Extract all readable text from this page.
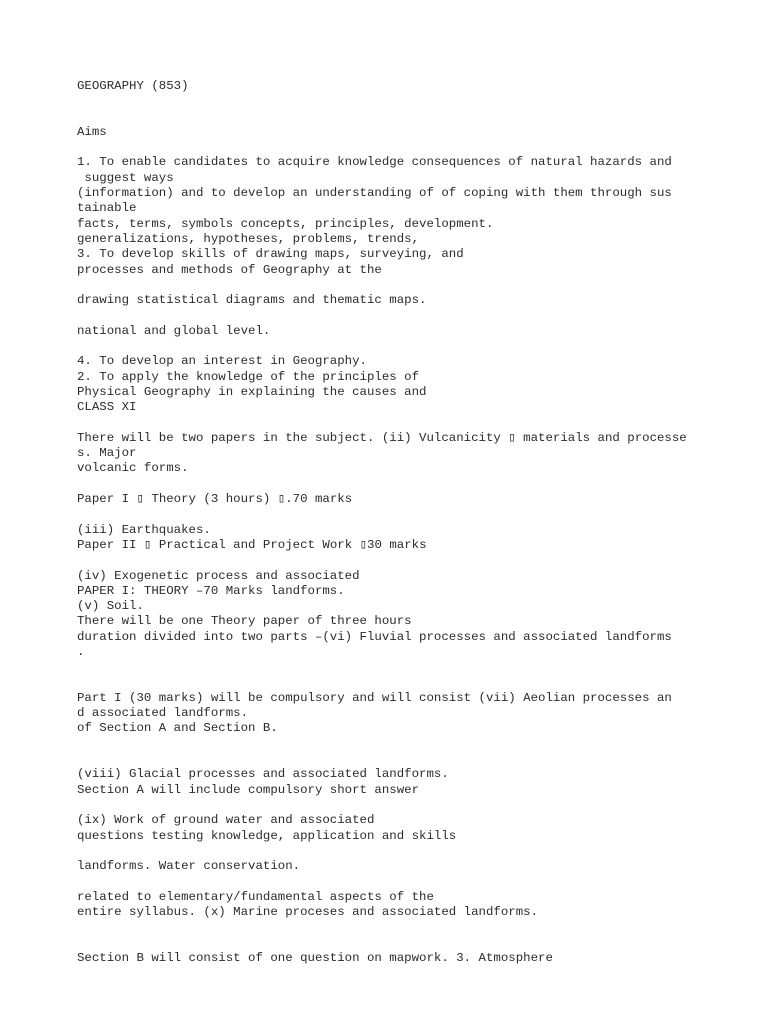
GEOGRAPHY (853)
Aims
1. To enable candidates to acquire knowledge consequences of natural hazards and
suggest ways
(information) and to develop an understanding of of coping with them through sus
tainable
facts, terms, symbols concepts, principles, development.
generalizations, hypotheses, problems, trends,
3. To develop skills of drawing maps, surveying, and
processes and methods of Geography at the
drawing statistical diagrams and thematic maps.
national and global level.
4. To develop an interest in Geography.
2. To apply the knowledge of the principles of
Physical Geography in explaining the causes and
CLASS XI
There will be two papers in the subject. (ii) Vulcanicity ▯ materials and processe
s. Major
volcanic forms.
Paper I ▯ Theory (3 hours) ▯.70 marks
(iii) Earthquakes.
Paper II ▯ Practical and Project Work ▯30 marks
(iv) Exogenetic process and associated
PAPER I: THEORY –70 Marks landforms.
(v) Soil.
There will be one Theory paper of three hours
duration divided into two parts –(vi) Fluvial processes and associated landforms
.
Part I (30 marks) will be compulsory and will consist (vii) Aeolian processes an
d associated landforms.
of Section A and Section B.
(viii) Glacial processes and associated landforms.
Section A will include compulsory short answer
(ix) Work of ground water and associated
questions testing knowledge, application and skills
landforms. Water conservation.
related to elementary/fundamental aspects of the
entire syllabus. (x) Marine proceses and associated landforms.
Section B will consist of one question on mapwork. 3. Atmosphere
